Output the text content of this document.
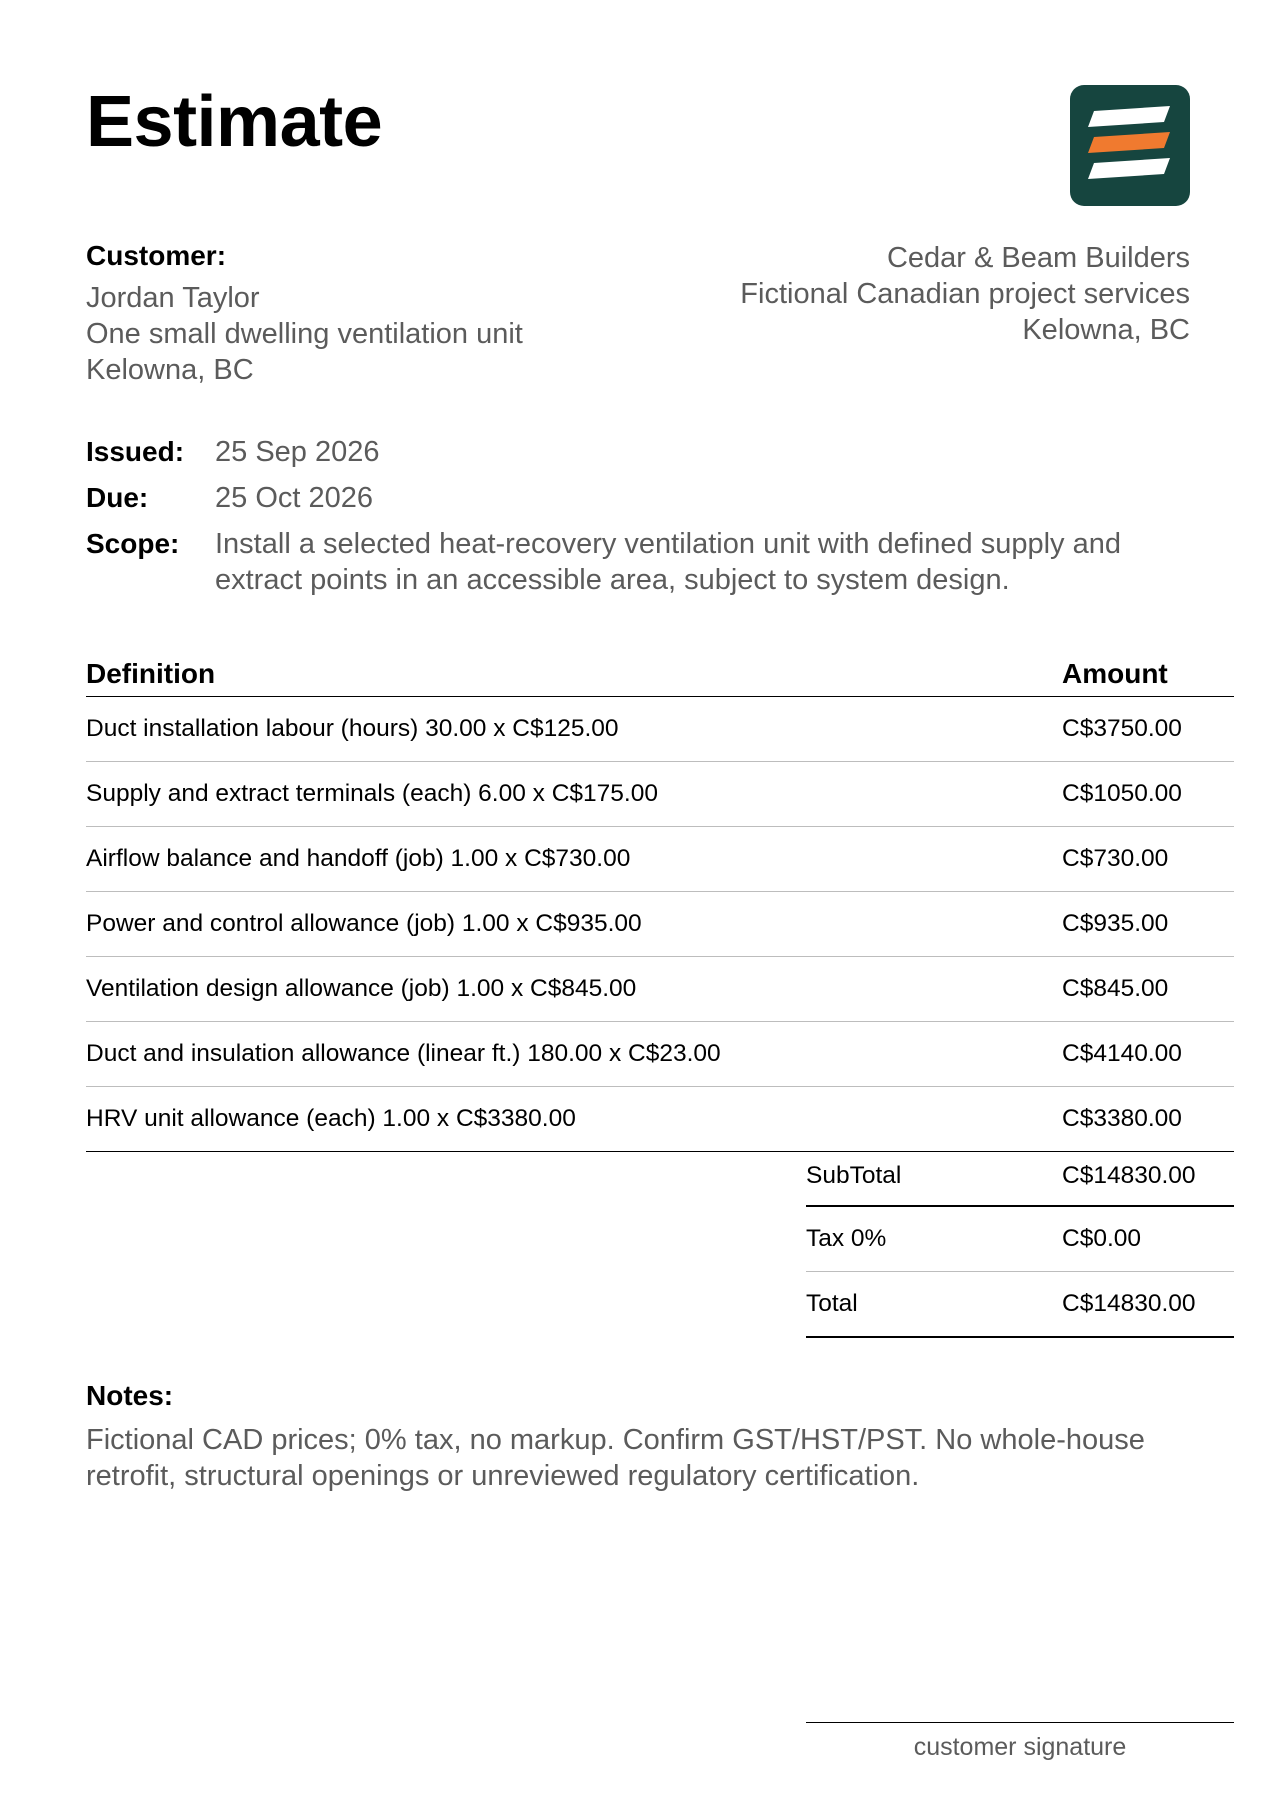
Estimate
Customer:
Jordan Taylor
One small dwelling ventilation unit
Kelowna, BC
Cedar & Beam Builders
Fictional Canadian project services
Kelowna, BC
Issued:	25 Sep 2026
Due:	25 Oct 2026
Scope:	Install a selected heat-recovery ventilation unit with defined supply and extract points in an accessible area, subject to system design.
Definition	Amount
Duct installation labour (hours) 30.00 x C$125.00	C$3750.00
Supply and extract terminals (each) 6.00 x C$175.00	C$1050.00
Airflow balance and handoff (job) 1.00 x C$730.00	C$730.00
Power and control allowance (job) 1.00 x C$935.00	C$935.00
Ventilation design allowance (job) 1.00 x C$845.00	C$845.00
Duct and insulation allowance (linear ft.) 180.00 x C$23.00	C$4140.00
HRV unit allowance (each) 1.00 x C$3380.00	C$3380.00
SubTotal	C$14830.00
Tax 0%	C$0.00
Total	C$14830.00
Notes:
Fictional CAD prices; 0% tax, no markup. Confirm GST/HST/PST. No whole-house retrofit, structural openings or unreviewed regulatory certification.
customer signature
